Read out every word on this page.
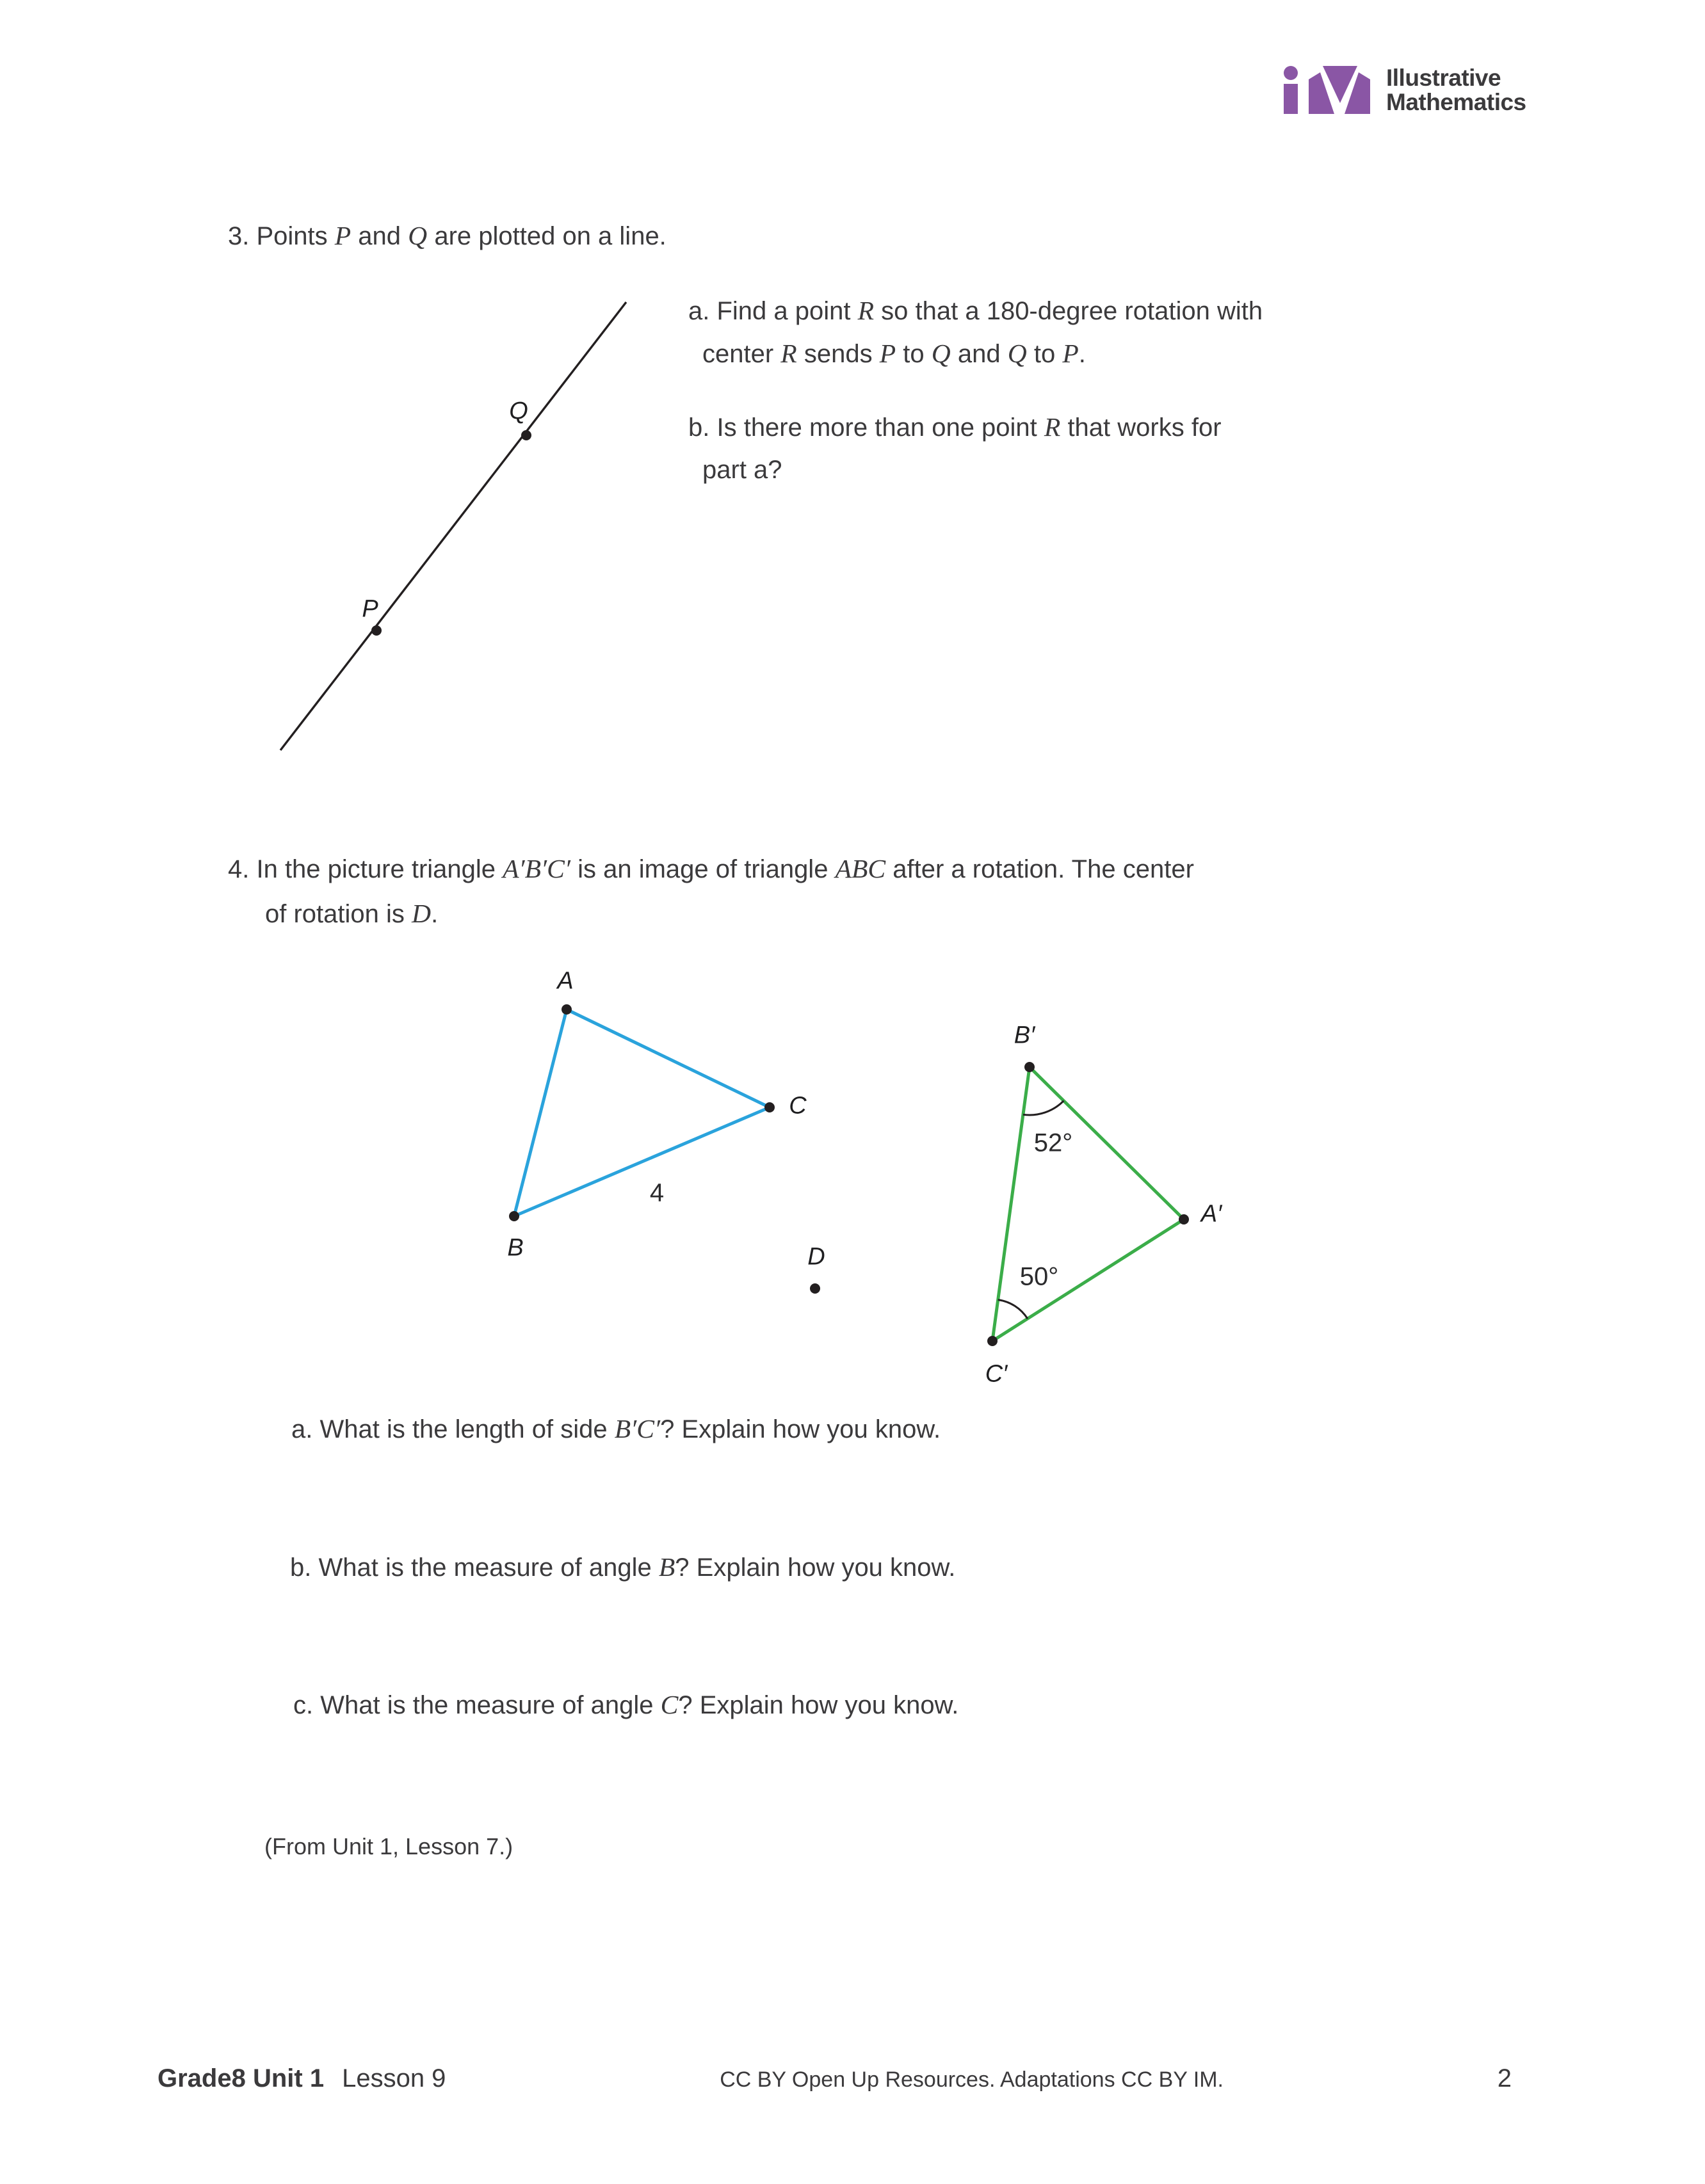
Illustrative
Mathematics
3. Points P and Q are plotted on a line.
P
Q
a. Find a point R so that a 180-degree rotation with
center R sends P to Q and Q to P.
b. Is there more than one point R that works for
part a?
4. In the picture triangle A′B′C′ is an image of triangle ABC after a rotation. The center
of rotation is D.
A
B
C
D
B′
A′
C′
4
52°
50°
a. What is the length of side B′C′? Explain how you know.
b. What is the measure of angle B? Explain how you know.
c. What is the measure of angle C? Explain how you know.
(From Unit 1, Lesson 7.)
Grade8 Unit 1 Lesson 9	CC BY Open Up Resources. Adaptations CC BY IM.	2
